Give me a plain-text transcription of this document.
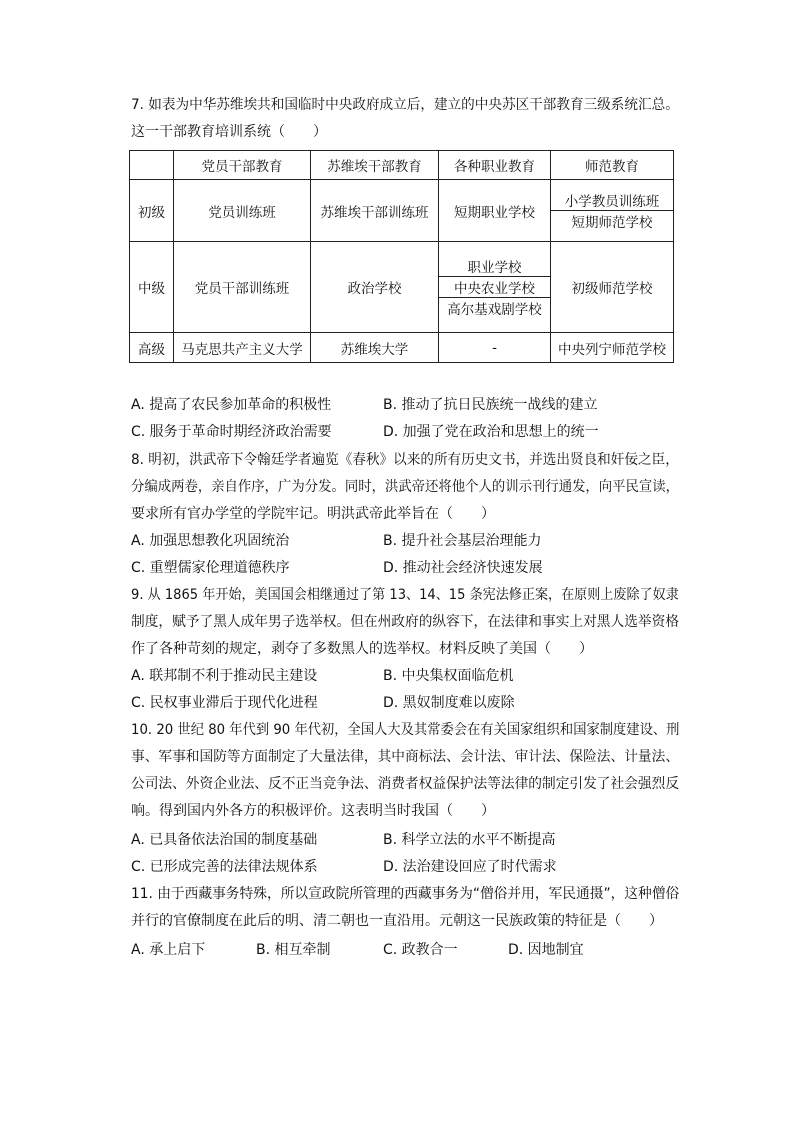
7. 如表为中华苏维埃共和国临时中央政府成立后，建立的中央苏区干部教育三级系统汇总。
这一干部教育培训系统（　　）
	党员干部教育	苏维埃干部教育	各种职业教育	师范教育
初级	党员训练班	苏维埃干部训练班	短期职业学校	小学教员训练班
短期师范学校

中级	党员干部训练班	政治学校	职业学校
中央农业学校
高尔基戏剧学校	初级师范学校
高级	马克思共产主义大学	苏维埃大学	-	中央列宁师范学校
A. 提高了农民参加革命的积极性	B. 推动了抗日民族统一战线的建立
C. 服务于革命时期经济政治需要	D. 加强了党在政治和思想上的统一
8. 明初，洪武帝下令翰廷学者遍览《春秋》以来的所有历史文书，并选出贤良和奸佞之臣，
分编成两卷，亲自作序，广为分发。同时，洪武帝还将他个人的训示刊行通发，向平民宣读，
要求所有官办学堂的学院牢记。明洪武帝此举旨在（　　）
A. 加强思想教化巩固统治	B. 提升社会基层治理能力
C. 重塑儒家伦理道德秩序	D. 推动社会经济快速发展
9. 从 1865 年开始，美国国会相继通过了第 13、14、15 条宪法修正案，在原则上废除了奴隶
制度，赋予了黑人成年男子选举权。但在州政府的纵容下，在法律和事实上对黑人选举资格
作了各种苛刻的规定，剥夺了多数黑人的选举权。材料反映了美国（　　）
A. 联邦制不利于推动民主建设	B. 中央集权面临危机
C. 民权事业滞后于现代化进程	D. 黑奴制度难以废除
10. 20 世纪 80 年代到 90 年代初，全国人大及其常委会在有关国家组织和国家制度建设、刑
事、军事和国防等方面制定了大量法律，其中商标法、会计法、审计法、保险法、计量法、
公司法、外资企业法、反不正当竞争法、消费者权益保护法等法律的制定引发了社会强烈反
响。得到国内外各方的积极评价。这表明当时我国（　　）
A. 已具备依法治国的制度基础	B. 科学立法的水平不断提高
C. 已形成完善的法律法规体系	D. 法治建设回应了时代需求
11. 由于西藏事务特殊，所以宣政院所管理的西藏事务为“僧俗并用，军民通摄”，这种僧俗
并行的官僚制度在此后的明、清二朝也一直沿用。元朝这一民族政策的特征是（　　）
A. 承上启下	B. 相互牵制	C. 政教合一	D. 因地制宜
